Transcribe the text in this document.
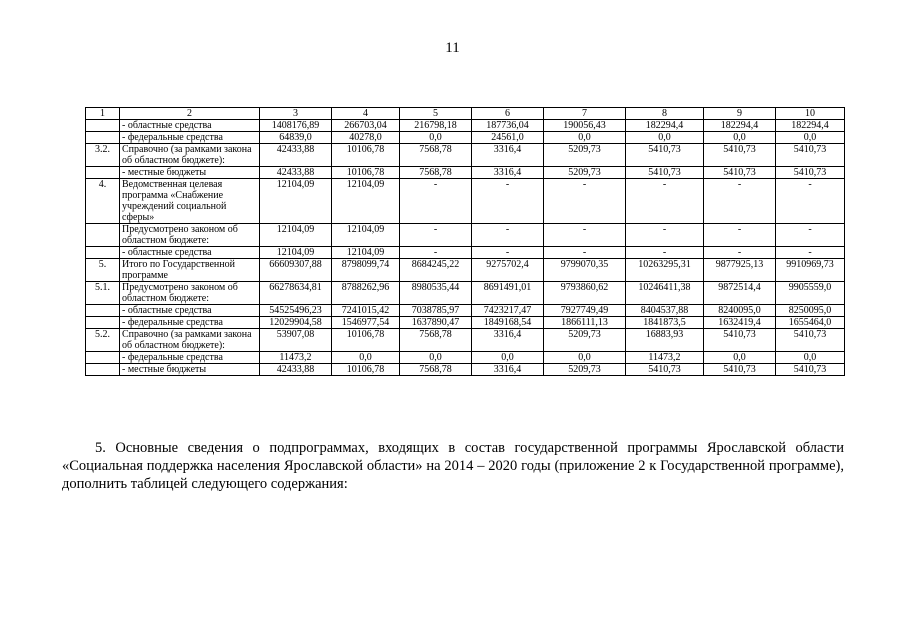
11
1	2	3	4	5	6	7	8	9	10
	- областные средства	1408176,89	266703,04	216798,18	187736,04	190056,43	182294,4	182294,4	182294,4
	- федеральные средства	64839,0	40278,0	0,0	24561,0	0,0	0,0	0,0	0,0
3.2.	Справочно (за рамками закона об областном бюджете):	42433,88	10106,78	7568,78	3316,4	5209,73	5410,73	5410,73	5410,73
	- местные бюджеты	42433,88	10106,78	7568,78	3316,4	5209,73	5410,73	5410,73	5410,73
4.	Ведомственная целевая программа «Снабжение учреждений социальной сферы»	12104,09	12104,09	-	-	-	-	-	-
	Предусмотрено законом об областном бюджете:	12104,09	12104,09	-	-	-	-	-	-
	- областные средства	12104,09	12104,09	-	-	-	-	-	-
5.	Итого по Государственной программе	66609307,88	8798099,74	8684245,22	9275702,4	9799070,35	10263295,31	9877925,13	9910969,73
5.1.	Предусмотрено законом об областном бюджете:	66278634,81	8788262,96	8980535,44	8691491,01	9793860,62	10246411,38	9872514,4	9905559,0
	- областные средства	54525496,23	7241015,42	7038785,97	7423217,47	7927749,49	8404537,88	8240095,0	8250095,0
	- федеральные средства	12029904,58	1546977,54	1637890,47	1849168,54	1866111,13	1841873,5	1632419,4	1655464,0
5.2.	Справочно (за рамками закона об областном бюджете):	53907,08	10106,78	7568,78	3316,4	5209,73	16883,93	5410,73	5410,73
	- федеральные средства	11473,2	0,0	0,0	0,0	0,0	11473,2	0,0	0,0
	- местные бюджеты	42433,88	10106,78	7568,78	3316,4	5209,73	5410,73	5410,73	5410,73

5. Основные сведения о подпрограммах, входящих в состав государственной программы Ярославской области «Социальная поддержка населения Ярославской области» на 2014 – 2020 годы (приложение 2 к Государственной программе), дополнить таблицей следующего содержания:
